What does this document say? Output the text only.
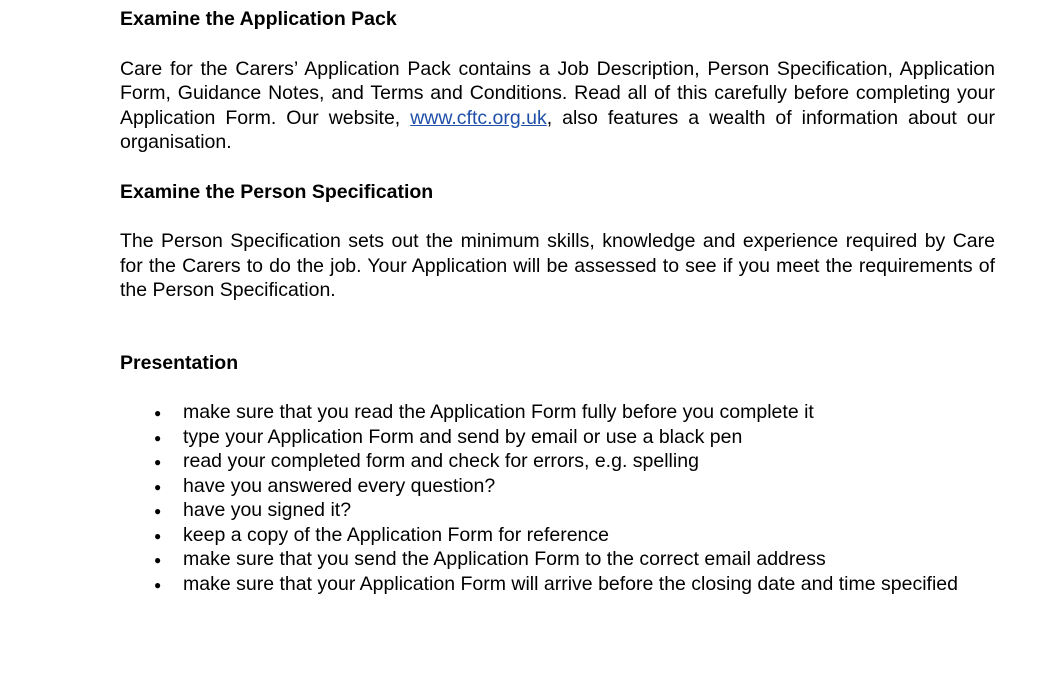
Examine the Application Pack

Care for the Carers’ Application Pack contains a Job Description, Person Specification, Application Form, Guidance Notes, and Terms and Conditions. Read all of this carefully before completing your Application Form. Our website, www.cftc.org.uk, also features a wealth of information about our organisation.

Examine the Person Specification

The Person Specification sets out the minimum skills, knowledge and experience required by Care for the Carers to do the job. Your Application will be assessed to see if you meet the requirements of the Person Specification.

Presentation
● make sure that you read the Application Form fully before you complete it
● type your Application Form and send by email or use a black pen
● read your completed form and check for errors, e.g. spelling
● have you answered every question?
● have you signed it?
● keep a copy of the Application Form for reference
● make sure that you send the Application Form to the correct email address
● make sure that your Application Form will arrive before the closing date and time specified
